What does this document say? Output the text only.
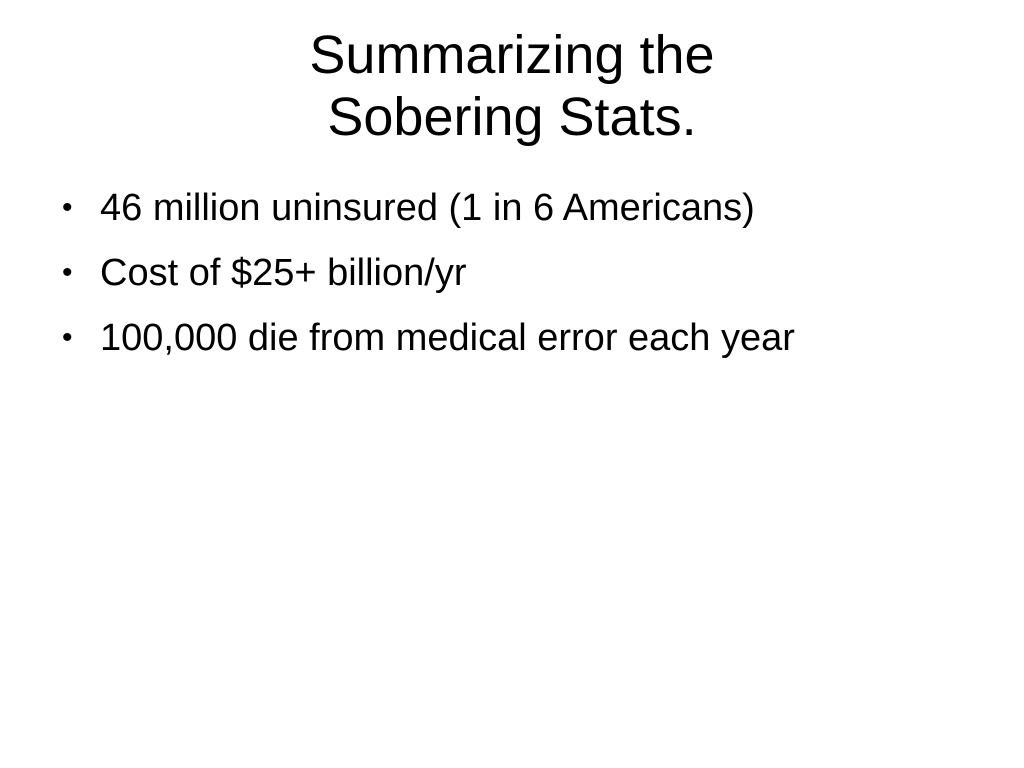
Summarizing the
Sobering Stats.
• 46 million uninsured (1 in 6 Americans)
• Cost of $25+ billion/yr
• 100,000 die from medical error each year
